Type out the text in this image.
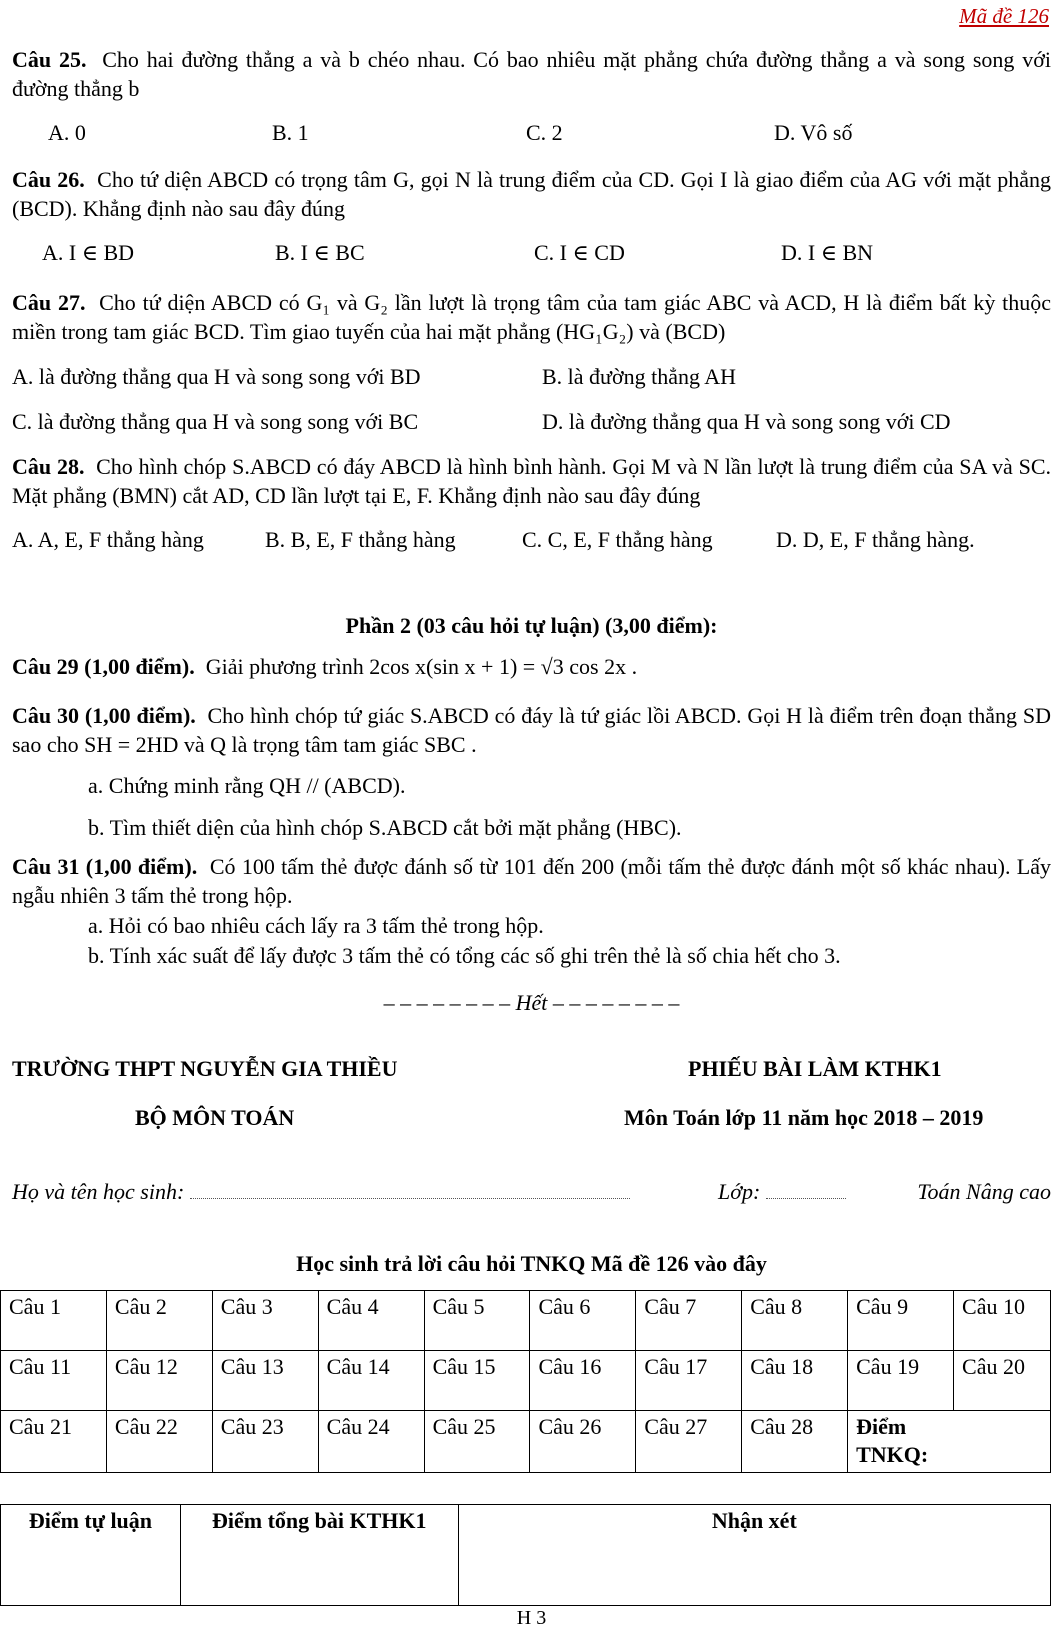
Mã đề 126
Câu 25. Cho hai đường thẳng a và b chéo nhau. Có bao nhiêu mặt phẳng chứa đường thẳng a và song song với đường thẳng b
A. 0	B. 1	C. 2	D. Vô số
Câu 26. Cho tứ diện ABCD có trọng tâm G, gọi N là trung điểm của CD. Gọi I là giao điểm của AG với mặt phẳng (BCD). Khẳng định nào sau đây đúng
A. I ∈ BD	B. I ∈ BC	C. I ∈ CD	D. I ∈ BN
Câu 27. Cho tứ diện ABCD có G₁ và G₂ lần lượt là trọng tâm của tam giác ABC và ACD, H là điểm bất kỳ thuộc miền trong tam giác BCD. Tìm giao tuyến của hai mặt phẳng (HG₁G₂) và (BCD)
A. là đường thẳng qua H và song song với BD	B. là đường thẳng AH
C. là đường thẳng qua H và song song với BC	D. là đường thẳng qua H và song song với CD
Câu 28. Cho hình chóp S.ABCD có đáy ABCD là hình bình hành. Gọi M và N lần lượt là trung điểm của SA và SC. Mặt phẳng (BMN) cắt AD, CD lần lượt tại E, F. Khẳng định nào sau đây đúng
A. A, E, F thẳng hàng	B. B, E, F thẳng hàng	C. C, E, F thẳng hàng	D. D, E, F thẳng hàng.
Phần 2 (03 câu hỏi tự luận) (3,00 điểm):
Câu 29 (1,00 điểm). Giải phương trình 2cos x(sin x + 1) = √3 cos 2x .
Câu 30 (1,00 điểm). Cho hình chóp tứ giác S.ABCD có đáy là tứ giác lồi ABCD. Gọi H là điểm trên đoạn thẳng SD sao cho SH = 2HD và Q là trọng tâm tam giác SBC .
a. Chứng minh rằng QH // (ABCD).
b. Tìm thiết diện của hình chóp S.ABCD cắt bởi mặt phẳng (HBC).
Câu 31 (1,00 điểm). Có 100 tấm thẻ được đánh số từ 101 đến 200 (mỗi tấm thẻ được đánh một số khác nhau). Lấy ngẫu nhiên 3 tấm thẻ trong hộp.
a. Hỏi có bao nhiêu cách lấy ra 3 tấm thẻ trong hộp.
b. Tính xác suất để lấy được 3 tấm thẻ có tổng các số ghi trên thẻ là số chia hết cho 3.
– – – – – – – – Hết – – – – – – – –
TRƯỜNG THPT NGUYỄN GIA THIỀU	PHIẾU BÀI LÀM KTHK1
BỘ MÔN TOÁN	Môn Toán lớp 11 năm học 2018 – 2019
Họ và tên học sinh:	Lớp:	Toán Nâng cao
Học sinh trả lời câu hỏi TNKQ Mã đề 126 vào đây
Câu 1	Câu 2	Câu 3	Câu 4	Câu 5	Câu 6	Câu 7	Câu 8	Câu 9	Câu 10
Câu 11	Câu 12	Câu 13	Câu 14	Câu 15	Câu 16	Câu 17	Câu 18	Câu 19	Câu 20
Câu 21	Câu 22	Câu 23	Câu 24	Câu 25	Câu 26	Câu 27	Câu 28	Điểm TNKQ:	
Điểm tự luận	Điểm tổng bài KTHK1	Nhận xét
H 3
